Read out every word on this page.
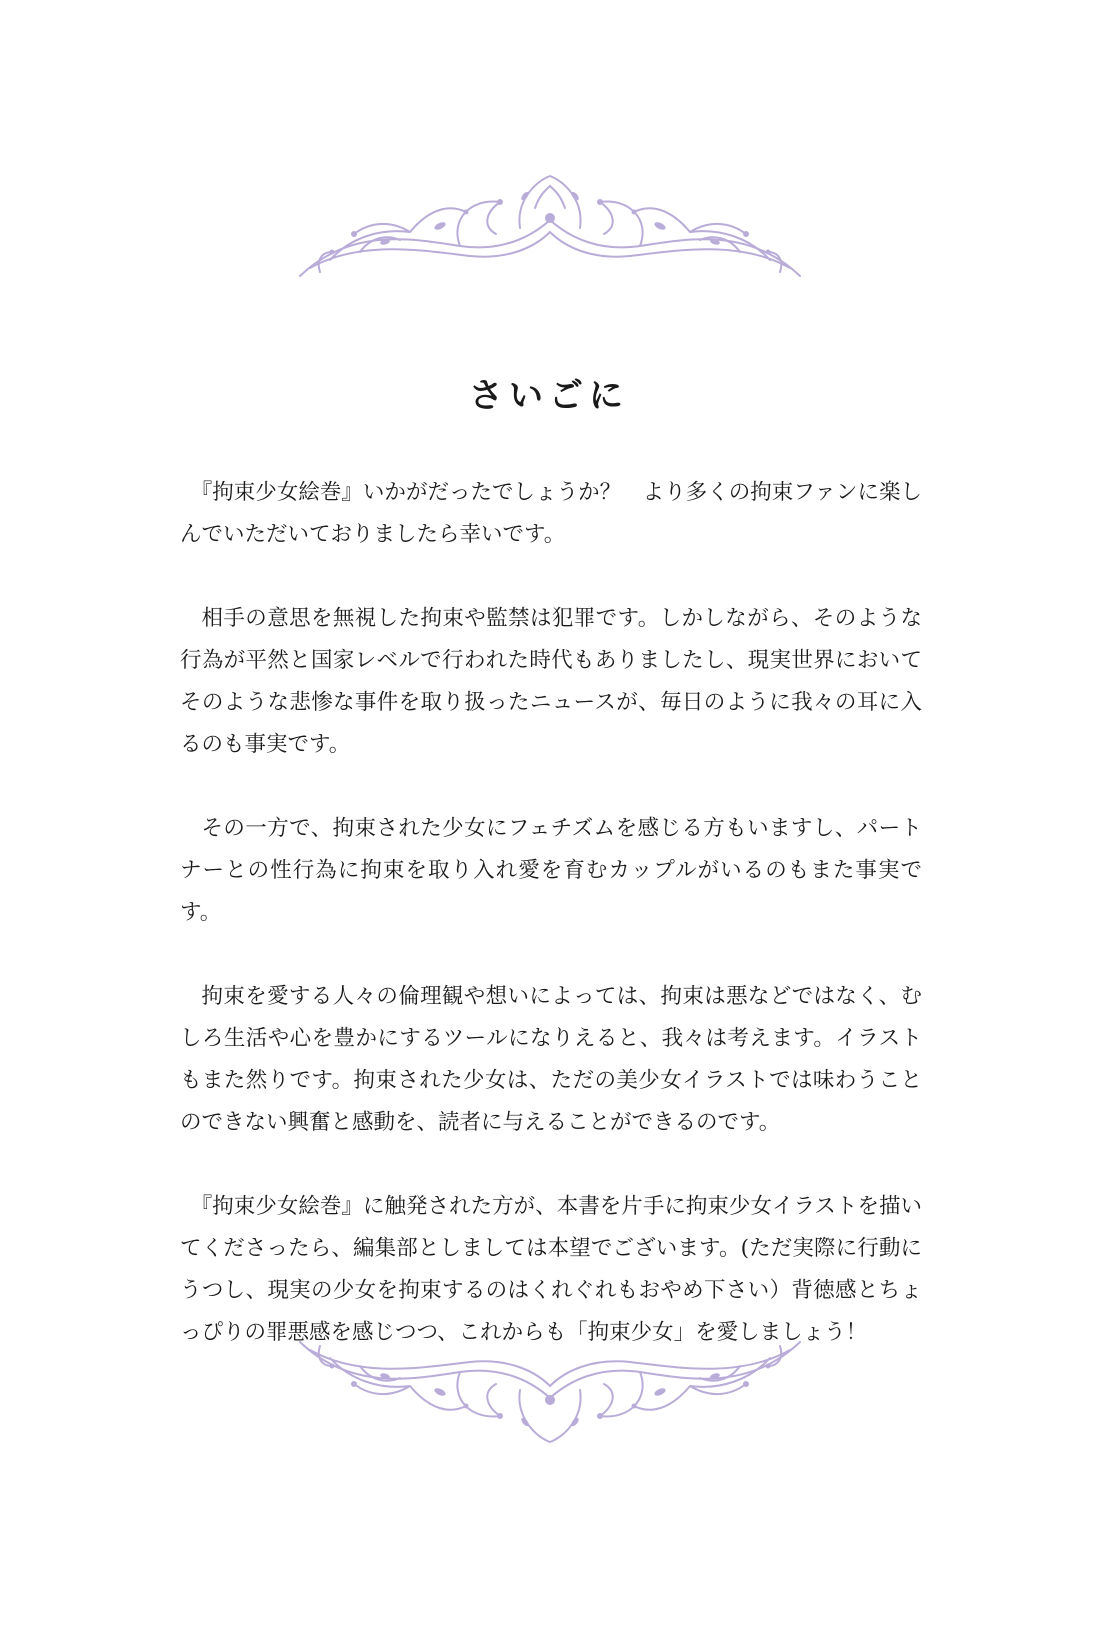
さいごに

『拘束少女絵巻』いかがだったでしょうか？　より多くの拘束ファンに楽しんでいただいておりましたら幸いです。

相手の意思を無視した拘束や監禁は犯罪です。しかしながら、そのような行為が平然と国家レベルで行われた時代もありましたし、現実世界においてそのような悲惨な事件を取り扱ったニュースが、毎日のように我々の耳に入るのも事実です。

その一方で、拘束された少女にフェチズムを感じる方もいますし、パートナーとの性行為に拘束を取り入れ愛を育むカップルがいるのもまた事実です。

拘束を愛する人々の倫理観や想いによっては、拘束は悪などではなく、むしろ生活や心を豊かにするツールになりえると、我々は考えます。イラストもまた然りです。拘束された少女は、ただの美少女イラストでは味わうことのできない興奮と感動を、読者に与えることができるのです。

『拘束少女絵巻』に触発された方が、本書を片手に拘束少女イラストを描いてくださったら、編集部としましては本望でございます。(ただ実際に行動にうつし、現実の少女を拘束するのはくれぐれもおやめ下さい）背徳感とちょっぴりの罪悪感を感じつつ、これからも「拘束少女」を愛しましょう！
